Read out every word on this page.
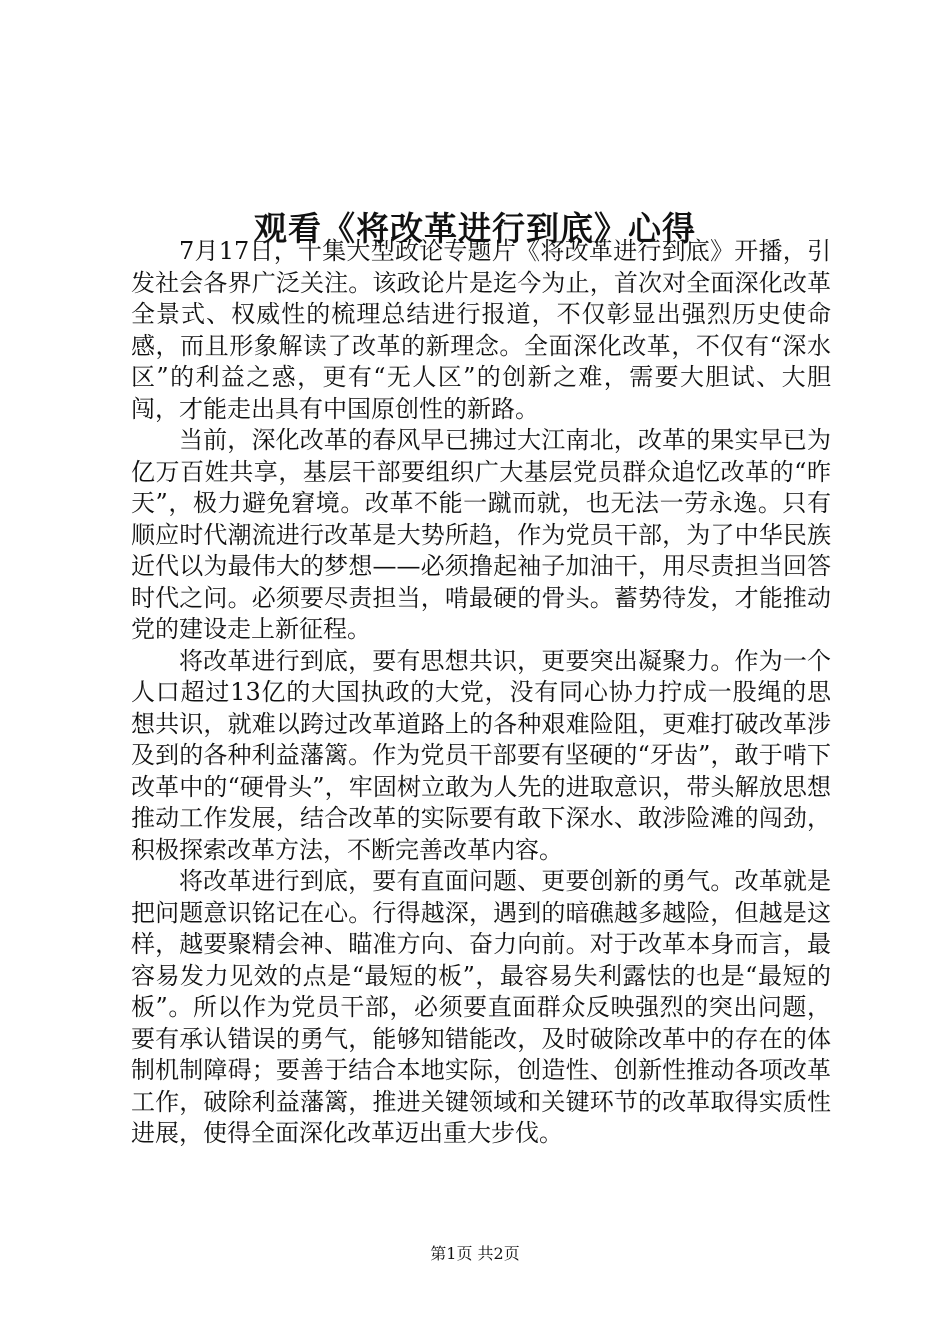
观看《将改革进行到底》心得

7月17日，十集大型政论专题片《将改革进行到底》开播，引发社会各界广泛关注。该政论片是迄今为止，首次对全面深化改革全景式、权威性的梳理总结进行报道，不仅彰显出强烈历史使命感，而且形象解读了改革的新理念。全面深化改革，不仅有“深水区”的利益之惑，更有“无人区”的创新之难，需要大胆试、大胆闯，才能走出具有中国原创性的新路。

当前，深化改革的春风早已拂过大江南北，改革的果实早已为亿万百姓共享，基层干部要组织广大基层党员群众追忆改革的“昨天”，极力避免窘境。改革不能一蹴而就，也无法一劳永逸。只有顺应时代潮流进行改革是大势所趋，作为党员干部，为了中华民族近代以为最伟大的梦想——必须撸起袖子加油干，用尽责担当回答时代之问。必须要尽责担当，啃最硬的骨头。蓄势待发，才能推动党的建设走上新征程。

将改革进行到底，要有思想共识，更要突出凝聚力。作为一个人口超过13亿的大国执政的大党，没有同心协力拧成一股绳的思想共识，就难以跨过改革道路上的各种艰难险阻，更难打破改革涉及到的各种利益藩篱。作为党员干部要有坚硬的“牙齿”，敢于啃下改革中的“硬骨头”，牢固树立敢为人先的进取意识，带头解放思想推动工作发展，结合改革的实际要有敢下深水、敢涉险滩的闯劲，积极探索改革方法，不断完善改革内容。

将改革进行到底，要有直面问题、更要创新的勇气。改革就是把问题意识铭记在心。行得越深，遇到的暗礁越多越险，但越是这样，越要聚精会神、瞄准方向、奋力向前。对于改革本身而言，最容易发力见效的点是“最短的板”，最容易失利露怯的也是“最短的板”。所以作为党员干部，必须要直面群众反映强烈的突出问题，要有承认错误的勇气，能够知错能改，及时破除改革中的存在的体制机制障碍；要善于结合本地实际，创造性、创新性推动各项改革工作，破除利益藩篱，推进关键领域和关键环节的改革取得实质性进展，使得全面深化改革迈出重大步伐。

第1页 共2页
